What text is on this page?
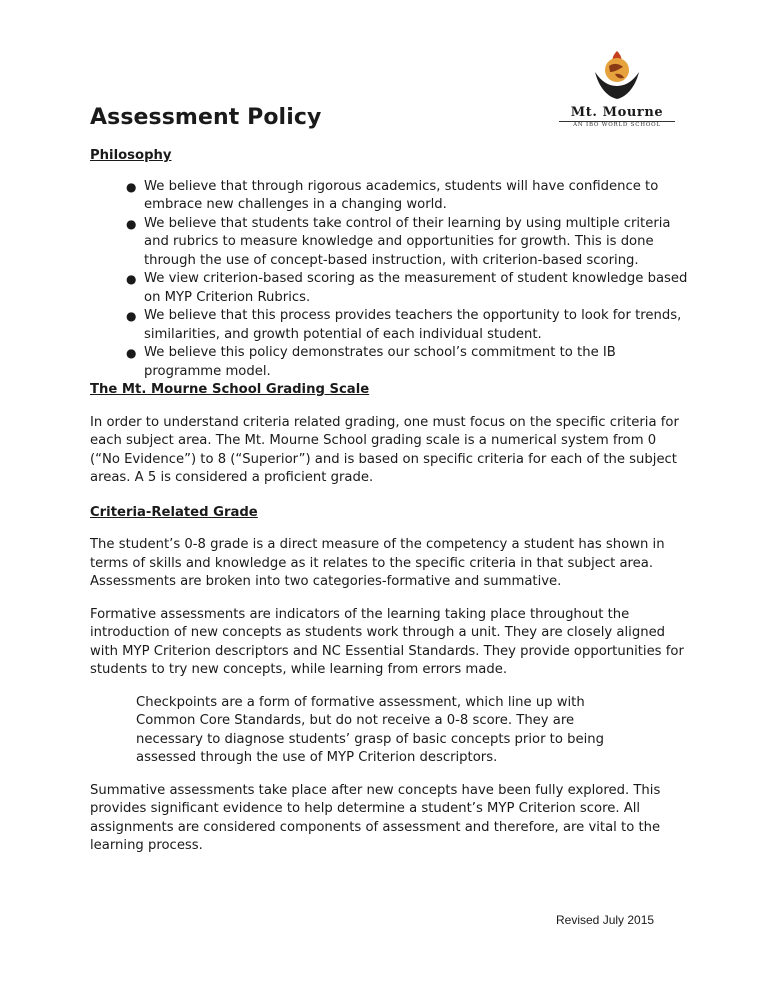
Mt. Mourne
AN IBO WORLD SCHOOL
Assessment Policy

Philosophy

● We believe that through rigorous academics, students will have confidence to embrace new challenges in a changing world.
● We believe that students take control of their learning by using multiple criteria and rubrics to measure knowledge and opportunities for growth. This is done through the use of concept-based instruction, with criterion-based scoring.
● We view criterion-based scoring as the measurement of student knowledge based on MYP Criterion Rubrics.
● We believe that this process provides teachers the opportunity to look for trends, similarities, and growth potential of each individual student.
● We believe this policy demonstrates our school’s commitment to the IB programme model.

The Mt. Mourne School Grading Scale

In order to understand criteria related grading, one must focus on the specific criteria for each subject area. The Mt. Mourne School grading scale is a numerical system from 0 (“No Evidence”) to 8 (“Superior”) and is based on specific criteria for each of the subject areas. A 5 is considered a proficient grade.

Criteria-Related Grade

The student’s 0-8 grade is a direct measure of the competency a student has shown in terms of skills and knowledge as it relates to the specific criteria in that subject area. Assessments are broken into two categories-formative and summative.

Formative assessments are indicators of the learning taking place throughout the introduction of new concepts as students work through a unit. They are closely aligned with MYP Criterion descriptors and NC Essential Standards. They provide opportunities for students to try new concepts, while learning from errors made.

Checkpoints are a form of formative assessment, which line up with Common Core Standards, but do not receive a 0-8 score. They are necessary to diagnose students’ grasp of basic concepts prior to being assessed through the use of MYP Criterion descriptors.

Summative assessments take place after new concepts have been fully explored. This provides significant evidence to help determine a student’s MYP Criterion score. All assignments are considered components of assessment and therefore, are vital to the learning process.

Revised July 2015
